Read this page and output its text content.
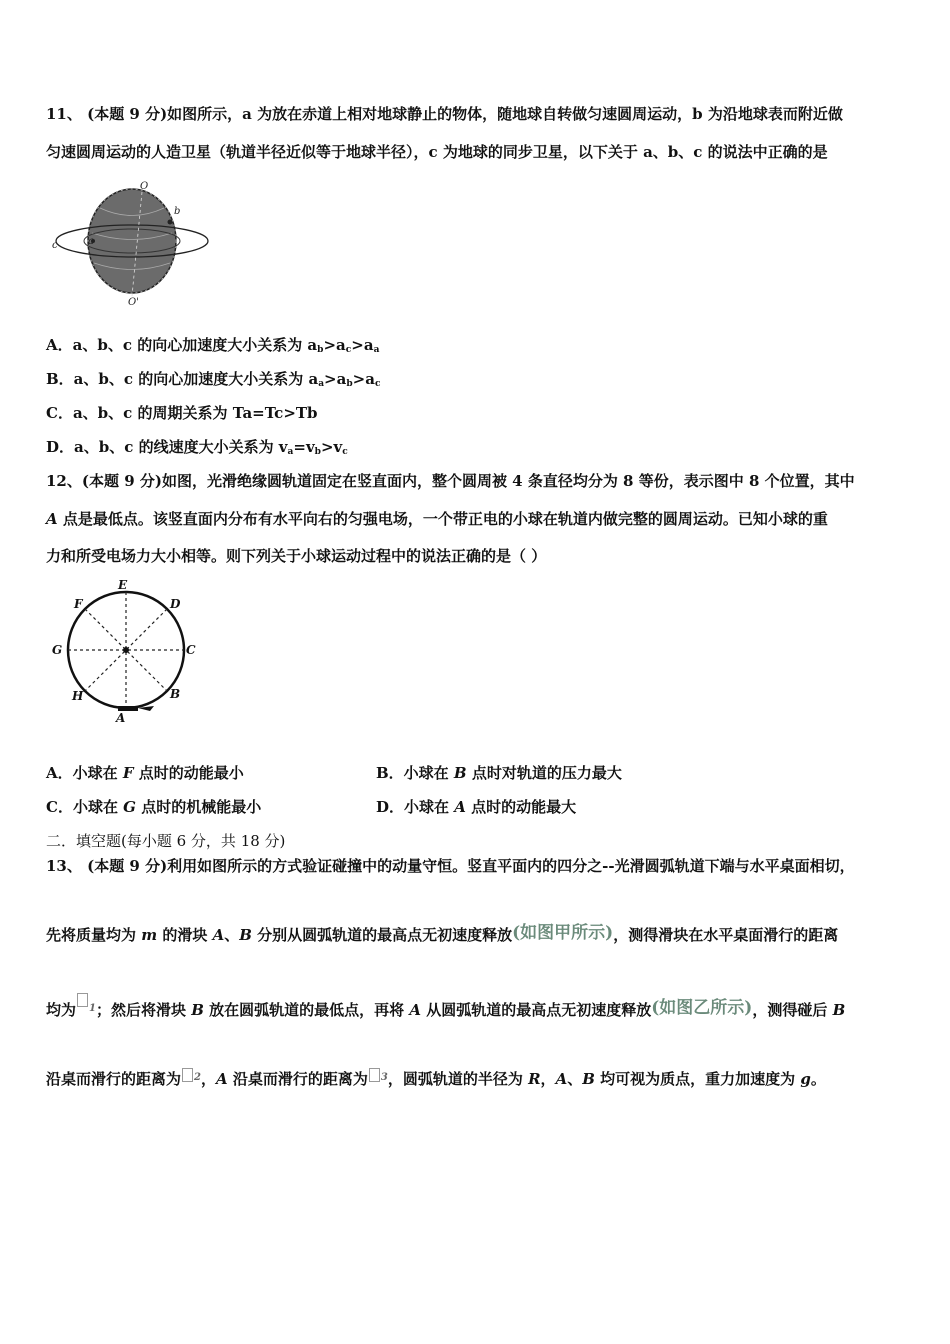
11、 (本题 9 分)如图所示，a 为放在赤道上相对地球静止的物体，随地球自转做匀速圆周运动，b 为沿地球表而附近做
匀速圆周运动的人造卫星（轨道半径近似等于地球半径），c 为地球的同步卫星，以下关于 a、b、c 的说法中正确的是
O
O'
a
b
c
A．a、b、c 的向心加速度大小关系为 $a_b>a_c>a_a$
B．a、b、c 的向心加速度大小关系为 $a_a>a_b>a_c$
C．a、b、c 的周期关系为 Ta=Tc>Tb
D．a、b、c 的线速度大小关系为 $v_a=v_b>v_c$
12、(本题 9 分)如图，光滑绝缘圆轨道固定在竖直面内，整个圆周被 4 条直径均分为 8 等份，表示图中 8 个位置，其中
A 点是最低点。该竖直面内分布有水平向右的匀强电场，一个带正电的小球在轨道内做完整的圆周运动。已知小球的重
力和所受电场力大小相等。则下列关于小球运动过程中的说法正确的是（ ）
E
D
F
C
G
B
H
A
A．小球在 F 点时的动能最小	B．小球在 B 点时对轨道的压力最大
C．小球在 G 点时的机械能最小	D．小球在 A 点时的动能最大
二．填空题(每小题 6 分，共 18 分)
13、 (本题 9 分)利用如图所示的方式验证碰撞中的动量守恒。竖直平面内的四分之--光滑圆弧轨道下端与水平桌面相切，
先将质量均为 m 的滑块 A、B 分别从圆弧轨道的最高点无初速度释放(如图甲所示)，测得滑块在水平桌面滑行的距离
均为 $^1$；然后将滑块 B 放在圆弧轨道的最低点，再将 A 从圆弧轨道的最高点无初速度释放(如图乙所示)，测得碰后 B
沿桌而滑行的距离为 $^2$，A 沿桌而滑行的距离为 $^3$，圆弧轨道的半径为 R，A、B 均可视为质点，重力加速度为 g。
